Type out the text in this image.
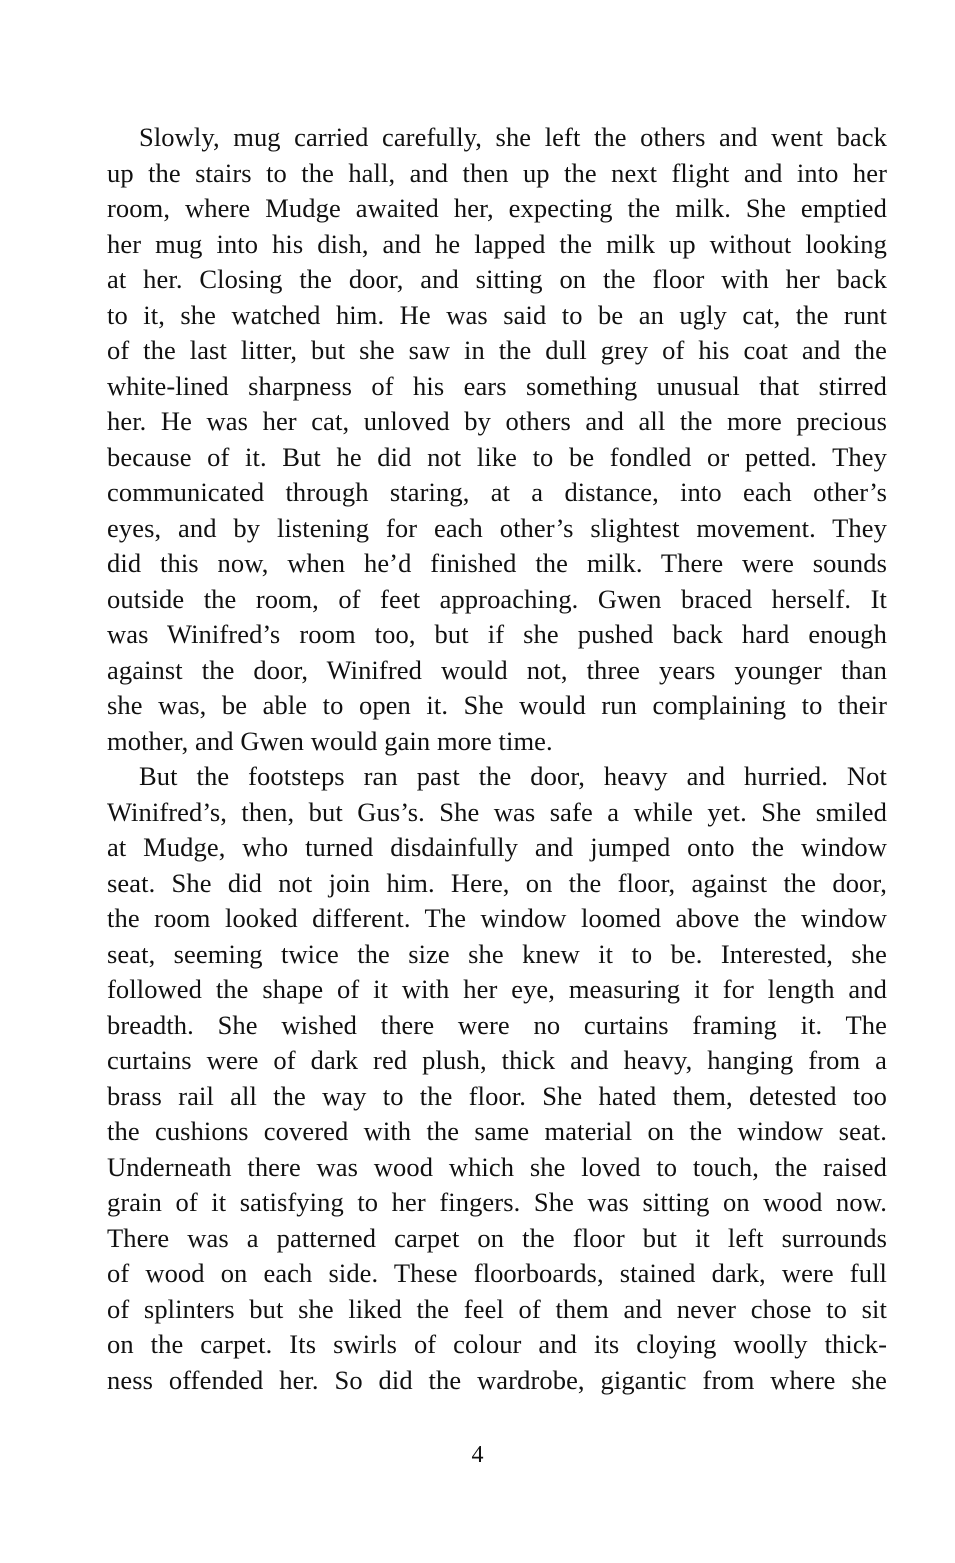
Slowly, mug carried carefully, she left the others and went back
up the stairs to the hall, and then up the next flight and into her
room, where Mudge awaited her, expecting the milk. She emptied
her mug into his dish, and he lapped the milk up without looking
at her. Closing the door, and sitting on the floor with her back
to it, she watched him. He was said to be an ugly cat, the runt
of the last litter, but she saw in the dull grey of his coat and the
white-lined sharpness of his ears something unusual that stirred
her. He was her cat, unloved by others and all the more precious
because of it. But he did not like to be fondled or petted. They
communicated through staring, at a distance, into each other’s
eyes, and by listening for each other’s slightest movement. They
did this now, when he’d finished the milk. There were sounds
outside the room, of feet approaching. Gwen braced herself. It
was Winifred’s room too, but if she pushed back hard enough
against the door, Winifred would not, three years younger than
she was, be able to open it. She would run complaining to their
mother, and Gwen would gain more time.
But the footsteps ran past the door, heavy and hurried. Not
Winifred’s, then, but Gus’s. She was safe a while yet. She smiled
at Mudge, who turned disdainfully and jumped onto the window
seat. She did not join him. Here, on the floor, against the door,
the room looked different. The window loomed above the window
seat, seeming twice the size she knew it to be. Interested, she
followed the shape of it with her eye, measuring it for length and
breadth. She wished there were no curtains framing it. The
curtains were of dark red plush, thick and heavy, hanging from a
brass rail all the way to the floor. She hated them, detested too
the cushions covered with the same material on the window seat.
Underneath there was wood which she loved to touch, the raised
grain of it satisfying to her fingers. She was sitting on wood now.
There was a patterned carpet on the floor but it left surrounds
of wood on each side. These floorboards, stained dark, were full
of splinters but she liked the feel of them and never chose to sit
on the carpet. Its swirls of colour and its cloying woolly thick-
ness offended her. So did the wardrobe, gigantic from where she
4
